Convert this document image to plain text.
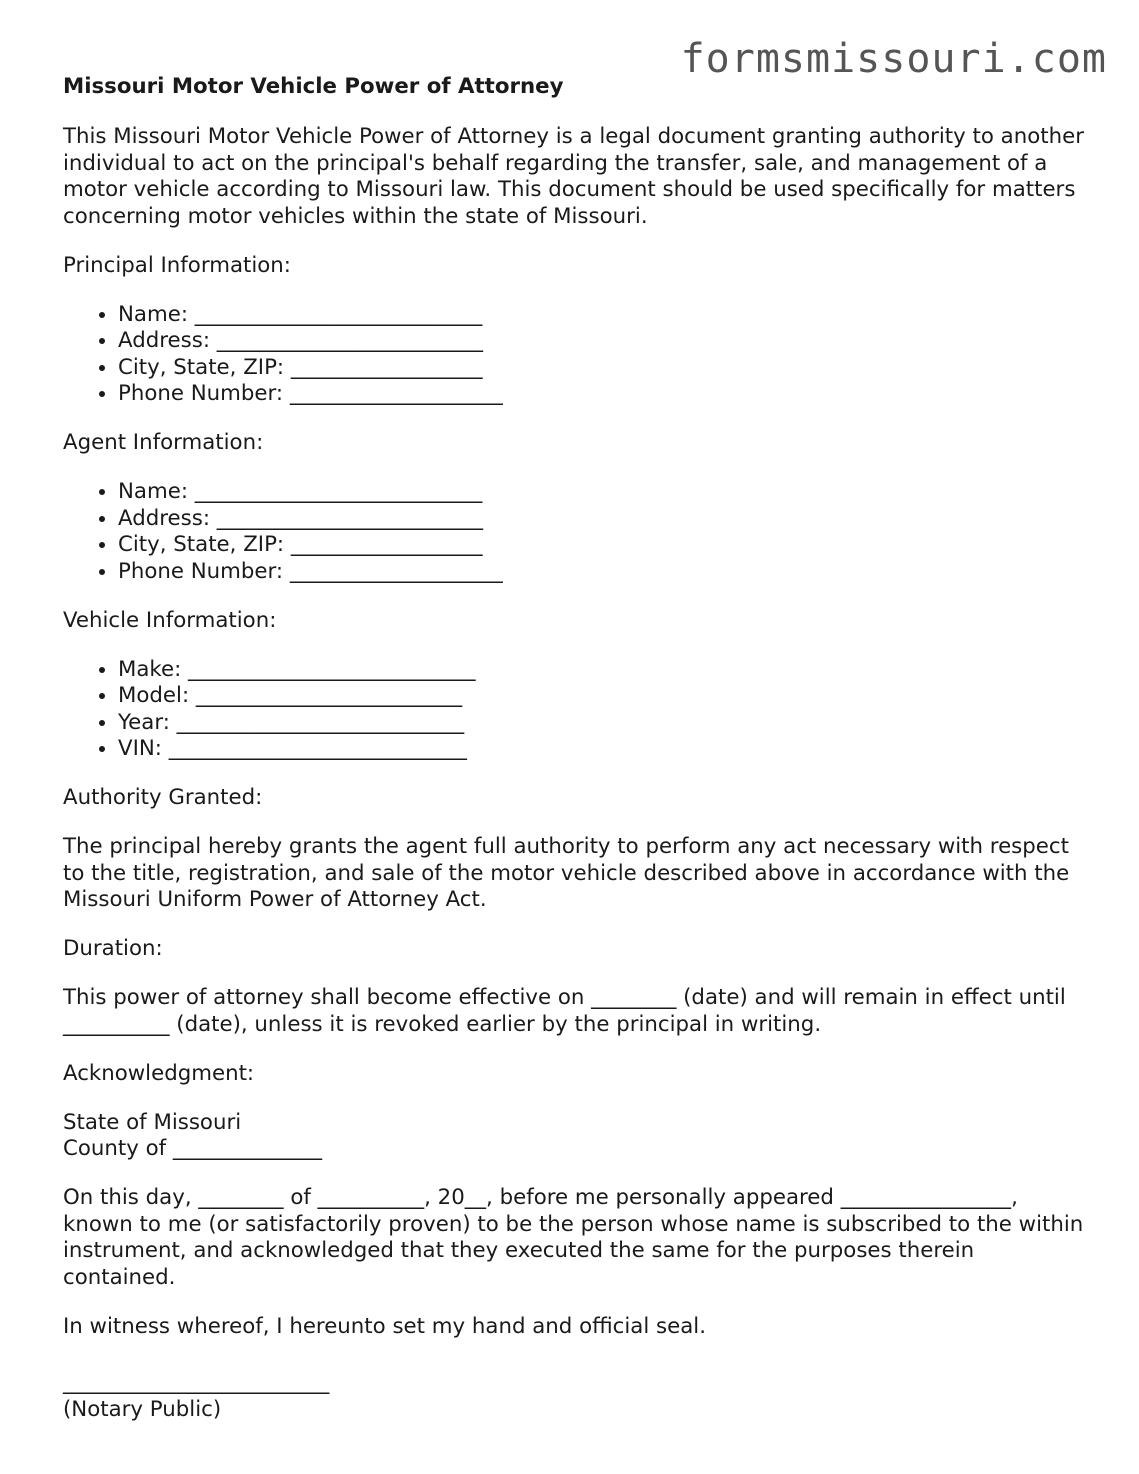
formsmissouri.com
Missouri Motor Vehicle Power of Attorney

This Missouri Motor Vehicle Power of Attorney is a legal document granting authority to another individual to act on the principal's behalf regarding the transfer, sale, and management of a motor vehicle according to Missouri law. This document should be used specifically for matters concerning motor vehicles within the state of Missouri.

Principal Information:

• Name: ___________________________
• Address: _________________________
• City, State, ZIP: __________________
• Phone Number: ____________________

Agent Information:

• Name: ___________________________
• Address: _________________________
• City, State, ZIP: __________________
• Phone Number: ____________________

Vehicle Information:

• Make: ___________________________
• Model: _________________________
• Year: ___________________________
• VIN: ____________________________

Authority Granted:

The principal hereby grants the agent full authority to perform any act necessary with respect to the title, registration, and sale of the motor vehicle described above in accordance with the Missouri Uniform Power of Attorney Act.

Duration:

This power of attorney shall become effective on ________ (date) and will remain in effect until __________ (date), unless it is revoked earlier by the principal in writing.

Acknowledgment:

State of Missouri
County of ______________

On this day, ________ of __________, 20__, before me personally appeared ________________, known to me (or satisfactorily proven) to be the person whose name is subscribed to the within instrument, and acknowledged that they executed the same for the purposes therein contained.

In witness whereof, I hereunto set my hand and official seal.

_________________________
(Notary Public)
